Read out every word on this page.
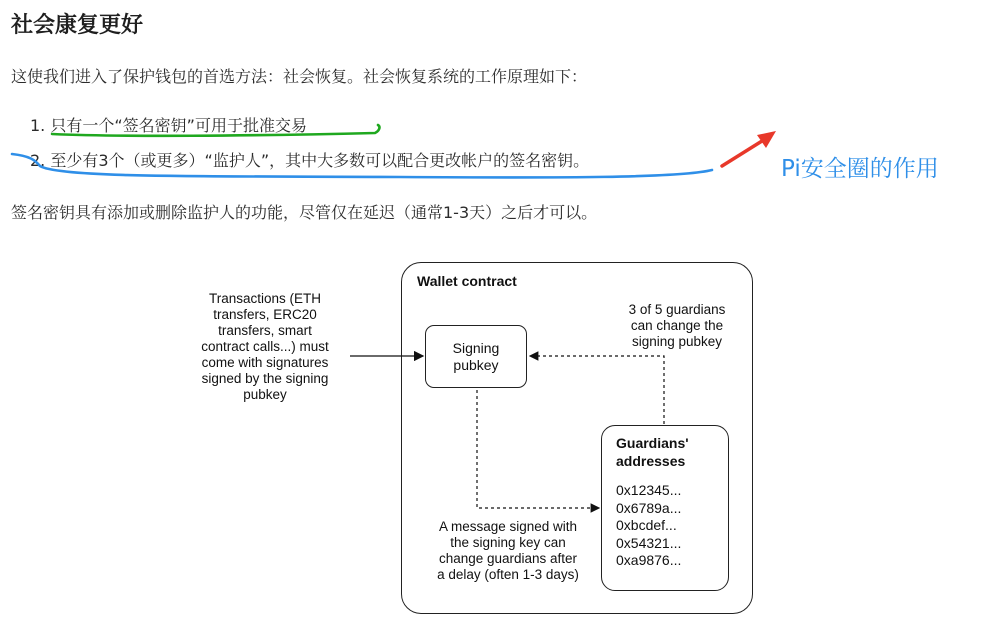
社会康复更好

这使我们进入了保护钱包的首选方法：社会恢复。社会恢复系统的工作原理如下：

1. 只有一个“签名密钥”可用于批准交易
2. 至少有3个（或更多）“监护人”，其中大多数可以配合更改帐户的签名密钥。

签名密钥具有添加或删除监护人的功能，尽管仅在延迟（通常1-3天）之后才可以。

Pi安全圈的作用
Wallet contract
Signing
pubkey
Transactions (ETH
transfers, ERC20
transfers, smart
contract calls...) must
come with signatures
signed by the signing
pubkey
3 of 5 guardians
can change the
signing pubkey
Guardians'
addresses
0x12345...
0x6789a...
0xbcdef...
0x54321...
0xa9876...
A message signed with
the signing key can
change guardians after
a delay (often 1-3 days)
